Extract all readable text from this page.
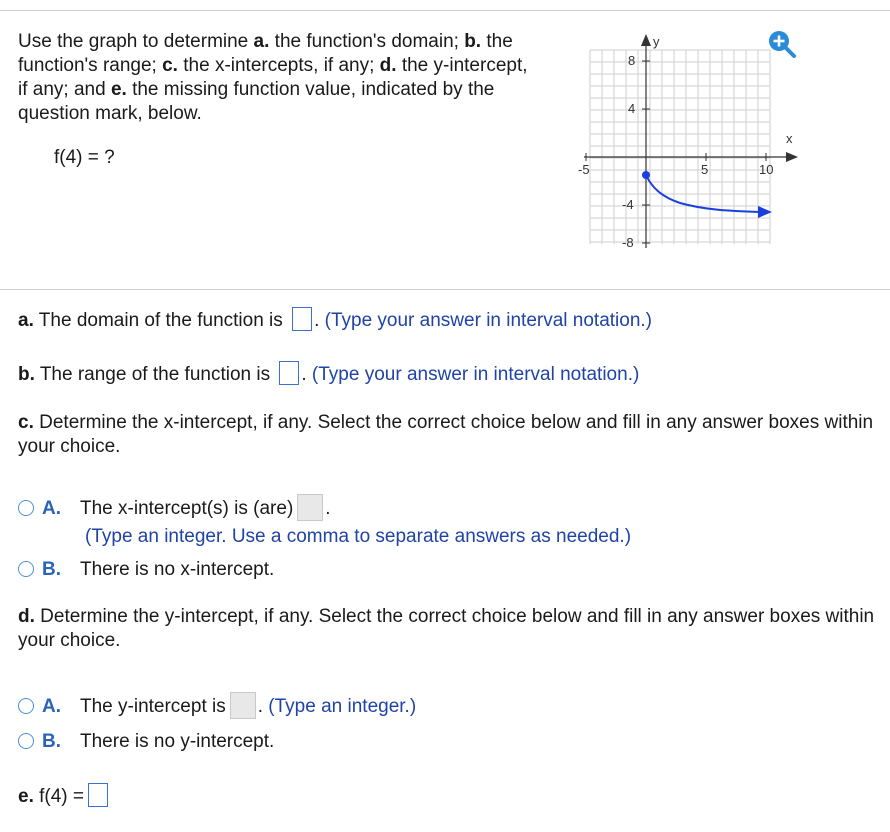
Use the graph to determine a. the function's domain; b. the function's range; c. the x-intercepts, if any; d. the y-intercept, if any; and e. the missing function value, indicated by the question mark, below.

f(4) = ?
y
x
-5	5	10
8
4
-4
-8
a. The domain of the function is . (Type your answer in interval notation.)
b. The range of the function is . (Type your answer in interval notation.)
c. Determine the x-intercept, if any. Select the correct choice below and fill in any answer boxes within your choice.
A. The x-intercept(s) is (are) .
(Type an integer. Use a comma to separate answers as needed.)
B. There is no x-intercept.
d. Determine the y-intercept, if any. Select the correct choice below and fill in any answer boxes within your choice.
A. The y-intercept is . (Type an integer.)
B. There is no y-intercept.
e. f(4) =
